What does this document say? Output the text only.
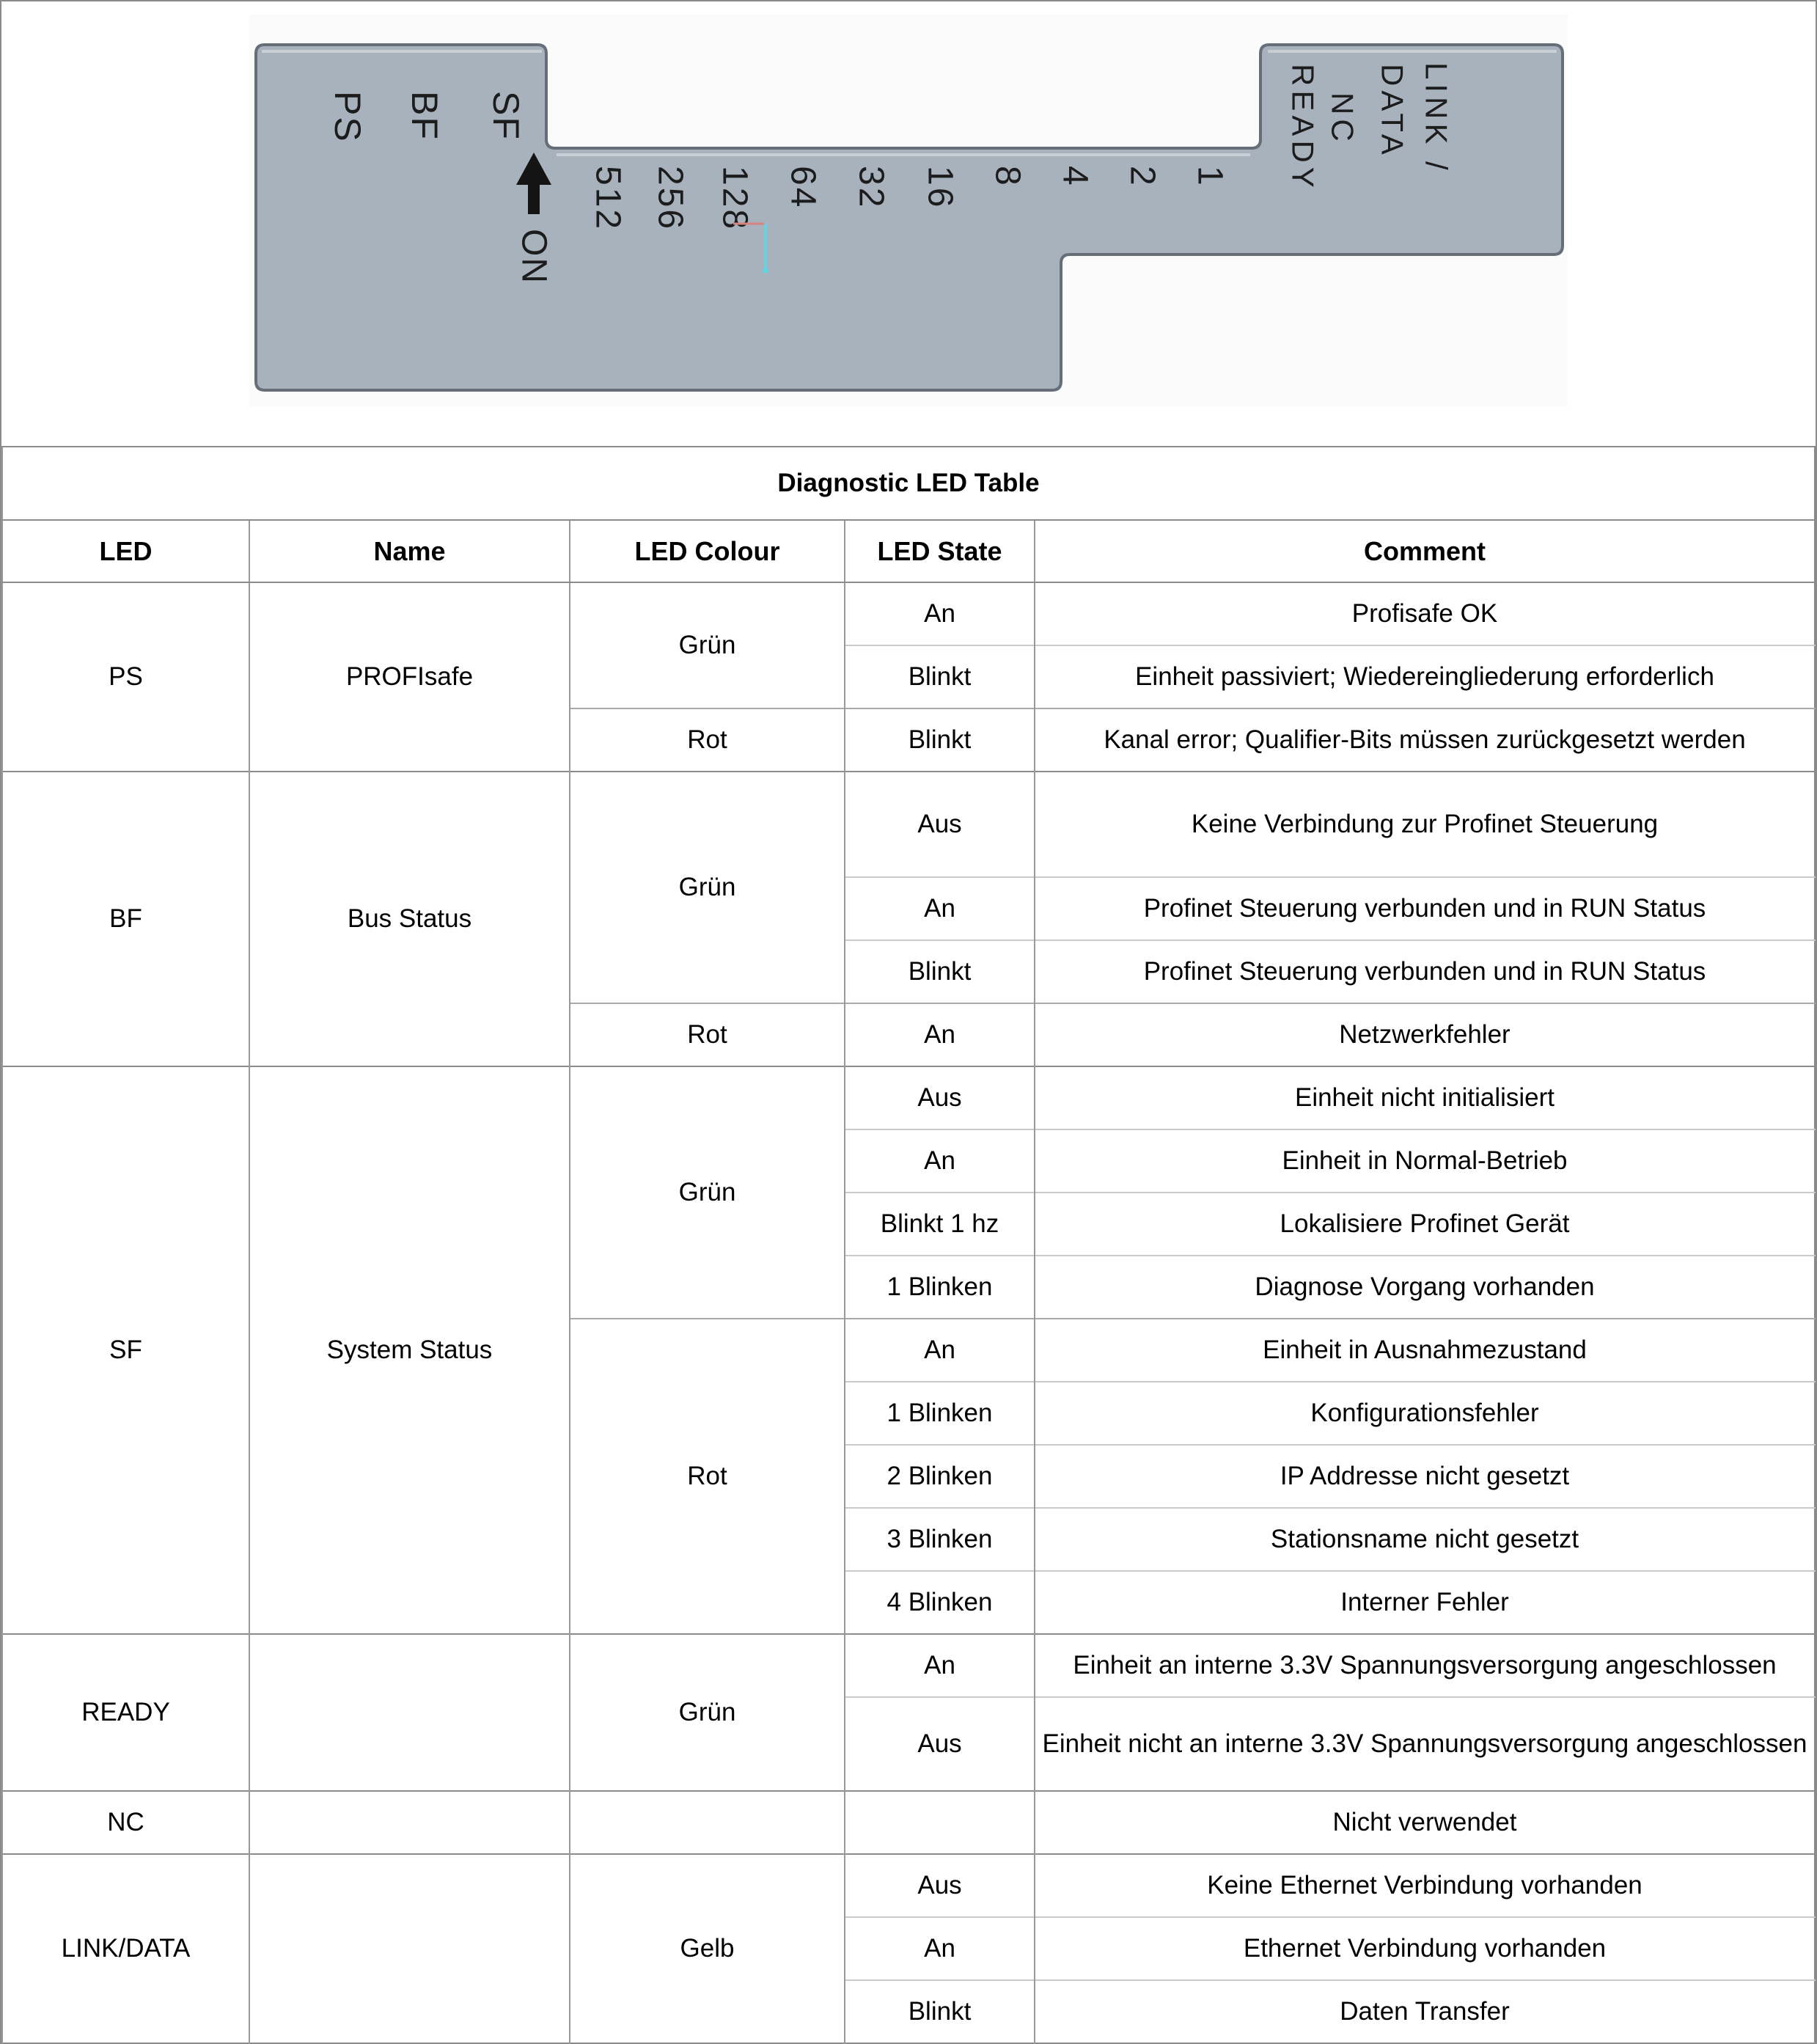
PS BF SF
ON
512 256 128 64 32 16 8 4 2 1 READY NC DATA LINK /
Diagnostic LED Table				
LED	Name	LED Colour	LED State	Comment
PS	PROFIsafe	Grün	An	Profisafe OK
			Blinkt	Einheit passiviert; Wiedereingliederung erforderlich
		Rot	Blinkt	Kanal error; Qualifier-Bits müssen zurückgesetzt werden
BF	Bus Status	Grün	Aus	Keine Verbindung zur Profinet Steuerung
			An	Profinet Steuerung verbunden und in RUN Status
			Blinkt	Profinet Steuerung verbunden und in RUN Status
		Rot	An	Netzwerkfehler
SF	System Status	Grün	Aus	Einheit nicht initialisiert
			An	Einheit in Normal-Betrieb
			Blinkt 1 hz	Lokalisiere Profinet Gerät
			1 Blinken	Diagnose Vorgang vorhanden
		Rot	An	Einheit in Ausnahmezustand
			1 Blinken	Konfigurationsfehler
			2 Blinken	IP Addresse nicht gesetzt
			3 Blinken	Stationsname nicht gesetzt
			4 Blinken	Interner Fehler
READY		Grün	An	Einheit an interne 3.3V Spannungsversorgung angeschlossen
			Aus	Einheit nicht an interne 3.3V Spannungsversorgung angeschlossen
NC				Nicht verwendet
LINK/DATA		Gelb	Aus	Keine Ethernet Verbindung vorhanden
			An	Ethernet Verbindung vorhanden
			Blinkt	Daten Transfer
